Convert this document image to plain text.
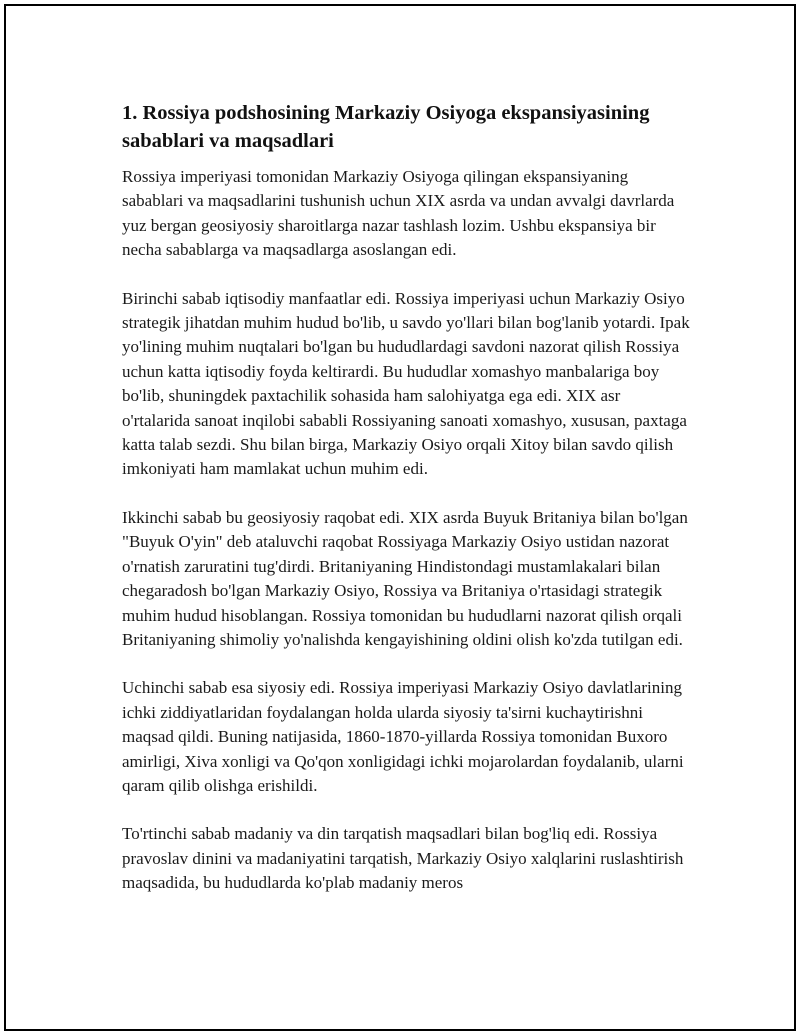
1. Rossiya podshosining Markaziy Osiyoga ekspansiyasining sabablari va maqsadlari

Rossiya imperiyasi tomonidan Markaziy Osiyoga qilingan ekspansiyaning sabablari va maqsadlarini tushunish uchun XIX asrda va undan avvalgi davrlarda yuz bergan geosiyosiy sharoitlarga nazar tashlash lozim. Ushbu ekspansiya bir necha sabablarga va maqsadlarga asoslangan edi.

Birinchi sabab iqtisodiy manfaatlar edi. Rossiya imperiyasi uchun Markaziy Osiyo strategik jihatdan muhim hudud bo'lib, u savdo yo'llari bilan bog'lanib yotardi. Ipak yo'lining muhim nuqtalari bo'lgan bu hududlardagi savdoni nazorat qilish Rossiya uchun katta iqtisodiy foyda keltirardi. Bu hududlar xomashyo manbalariga boy bo'lib, shuningdek paxtachilik sohasida ham salohiyatga ega edi. XIX asr o'rtalarida sanoat inqilobi sababli Rossiyaning sanoati xomashyo, xususan, paxtaga katta talab sezdi. Shu bilan birga, Markaziy Osiyo orqali Xitoy bilan savdo qilish imkoniyati ham mamlakat uchun muhim edi.

Ikkinchi sabab bu geosiyosiy raqobat edi. XIX asrda Buyuk Britaniya bilan bo'lgan "Buyuk O'yin" deb ataluvchi raqobat Rossiyaga Markaziy Osiyo ustidan nazorat o'rnatish zaruratini tug'dirdi. Britaniyaning Hindistondagi mustamlakalari bilan chegaradosh bo'lgan Markaziy Osiyo, Rossiya va Britaniya o'rtasidagi strategik muhim hudud hisoblangan. Rossiya tomonidan bu hududlarni nazorat qilish orqali Britaniyaning shimoliy yo'nalishda kengayishining oldini olish ko'zda tutilgan edi.

Uchinchi sabab esa siyosiy edi. Rossiya imperiyasi Markaziy Osiyo davlatlarining ichki ziddiyatlaridan foydalangan holda ularda siyosiy ta'sirni kuchaytirishni maqsad qildi. Buning natijasida, 1860-1870-yillarda Rossiya tomonidan Buxoro amirligi, Xiva xonligi va Qo'qon xonligidagi ichki mojarolardan foydalanib, ularni qaram qilib olishga erishildi.

To'rtinchi sabab madaniy va din tarqatish maqsadlari bilan bog'liq edi. Rossiya pravoslav dinini va madaniyatini tarqatish, Markaziy Osiyo xalqlarini ruslashtirish maqsadida, bu hududlarda ko'plab madaniy meros
